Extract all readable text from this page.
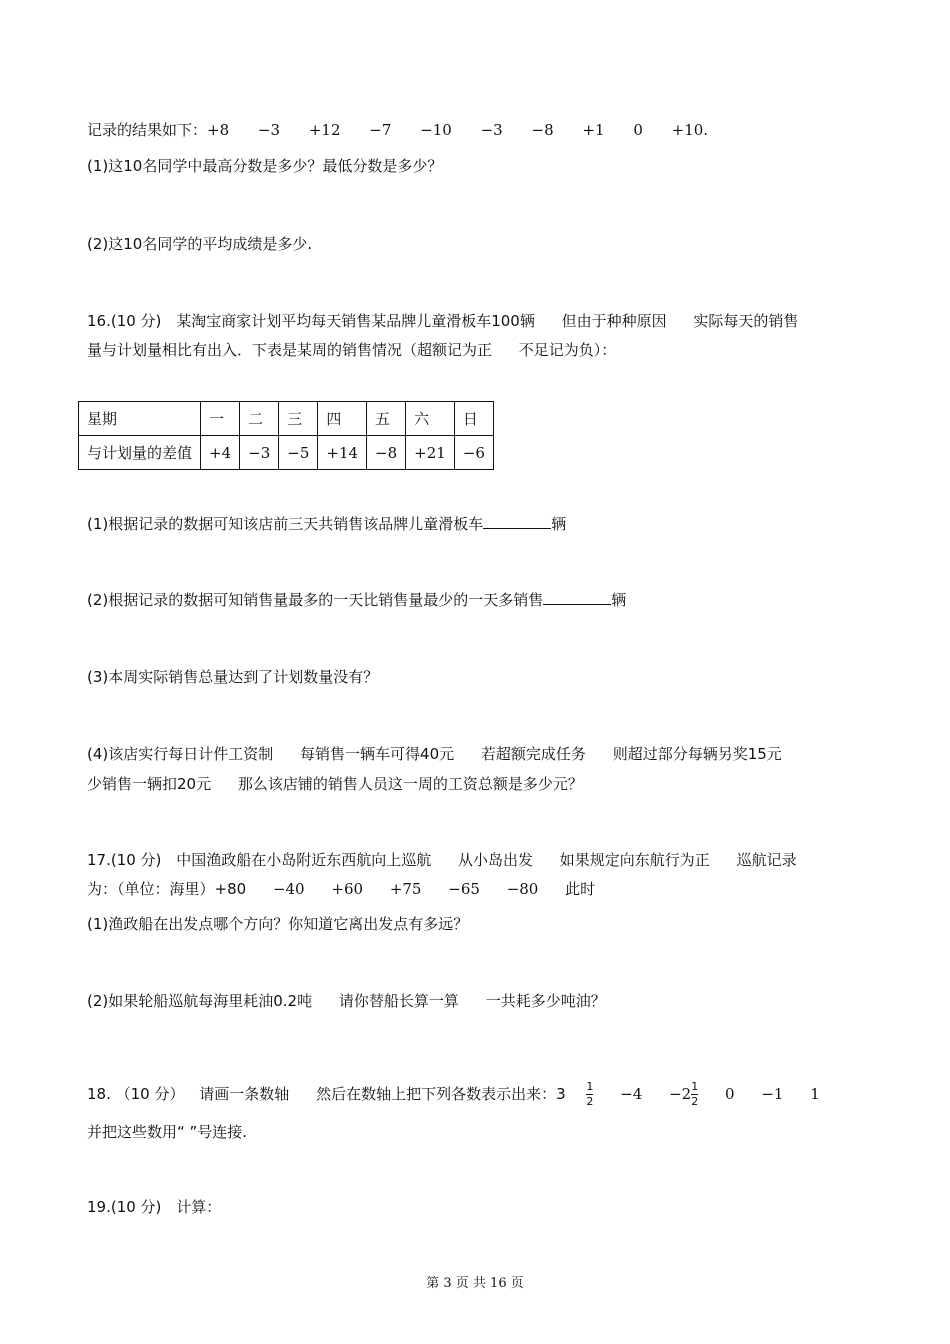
记录的结果如下：+8 −3 +12 −7 −10 −3 −8 +1 0 +10.
(1)这10名同学中最高分数是多少？最低分数是多少？
(2)这10名同学的平均成绩是多少.
16.(10 分) 某淘宝商家计划平均每天销售某品牌儿童滑板车100辆 但由于种种原因 实际每天的销售
量与计划量相比有出入．下表是某周的销售情况（超额记为正 不足记为负）：
星期	一	二	三	四	五	六	日
与计划量的差值	+4	−3	−5	+14	−8	+21	−6
(1)根据记录的数据可知该店前三天共销售该品牌儿童滑板车	辆
(2)根据记录的数据可知销售量最多的一天比销售量最少的一天多销售	辆
(3)本周实际销售总量达到了计划数量没有？
(4)该店实行每日计件工资制 每销售一辆车可得40元 若超额完成任务 则超过部分每辆另奖15元
少销售一辆扣20元 那么该店铺的销售人员这一周的工资总额是多少元？
17.(10 分) 中国渔政船在小岛附近东西航向上巡航 从小岛出发 如果规定向东航行为正 巡航记录
为：（单位：海里）+80 −40 +60 +75 −65 −80 此时
(1)渔政船在出发点哪个方向？你知道它离出发点有多远？
(2)如果轮船巡航每海里耗油0.2吨 请你替船长算一算 一共耗多少吨油？
18. （10 分） 请画一条数轴 然后在数轴上把下列各数表示出来：$3 \frac{1}{2} -4 -2\frac{1}{2} 0 -1$ 1
并把这些数用“ ”号连接.
19.(10 分) 计算：
第 3 页 共 16 页
